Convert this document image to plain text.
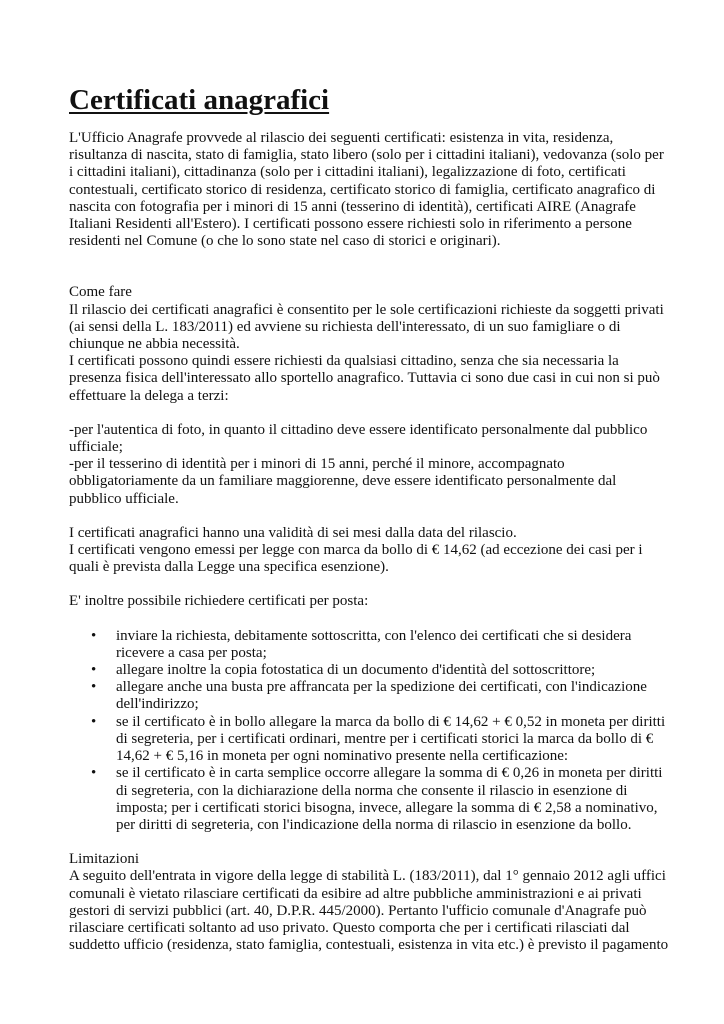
Certificati anagrafici

L'Ufficio Anagrafe provvede al rilascio dei seguenti certificati: esistenza in vita, residenza,
risultanza di nascita, stato di famiglia, stato libero (solo per i cittadini italiani), vedovanza (solo per
i cittadini italiani), cittadinanza (solo per i cittadini italiani), legalizzazione di foto, certificati
contestuali, certificato storico di residenza, certificato storico di famiglia, certificato anagrafico di
nascita con fotografia per i minori di 15 anni (tesserino di identità), certificati AIRE (Anagrafe
Italiani Residenti all'Estero). I certificati possono essere richiesti solo in riferimento a persone
residenti nel Comune (o che lo sono state nel caso di storici e originari).

Come fare
Il rilascio dei certificati anagrafici è consentito per le sole certificazioni richieste da soggetti privati
(ai sensi della L. 183/2011) ed avviene su richiesta dell'interessato, di un suo famigliare o di
chiunque ne abbia necessità.
I certificati possono quindi essere richiesti da qualsiasi cittadino, senza che sia necessaria la
presenza fisica dell'interessato allo sportello anagrafico. Tuttavia ci sono due casi in cui non si può
effettuare la delega a terzi:

-per l'autentica di foto, in quanto il cittadino deve essere identificato personalmente dal pubblico
ufficiale;
-per il tesserino di identità per i minori di 15 anni, perché il minore, accompagnato
obbligatoriamente da un familiare maggiorenne, deve essere identificato personalmente dal
pubblico ufficiale.

I certificati anagrafici hanno una validità di sei mesi dalla data del rilascio.
I certificati vengono emessi per legge con marca da bollo di € 14,62 (ad eccezione dei casi per i
quali è prevista dalla Legge una specifica esenzione).

E' inoltre possibile richiedere certificati per posta:

• inviare la richiesta, debitamente sottoscritta, con l'elenco dei certificati che si desidera
ricevere a casa per posta;
• allegare inoltre la copia fotostatica di un documento d'identità del sottoscrittore;
• allegare anche una busta pre affrancata per la spedizione dei certificati, con l'indicazione
dell'indirizzo;
• se il certificato è in bollo allegare la marca da bollo di € 14,62 + € 0,52 in moneta per diritti
di segreteria, per i certificati ordinari, mentre per i certificati storici la marca da bollo di €
14,62 + € 5,16 in moneta per ogni nominativo presente nella certificazione:
• se il certificato è in carta semplice occorre allegare la somma di € 0,26 in moneta per diritti
di segreteria, con la dichiarazione della norma che consente il rilascio in esenzione di
imposta; per i certificati storici bisogna, invece, allegare la somma di € 2,58 a nominativo,
per diritti di segreteria, con l'indicazione della norma di rilascio in esenzione da bollo.

Limitazioni
A seguito dell'entrata in vigore della legge di stabilità L. (183/2011), dal 1° gennaio 2012 agli uffici
comunali è vietato rilasciare certificati da esibire ad altre pubbliche amministrazioni e ai privati
gestori di servizi pubblici (art. 40, D.P.R. 445/2000). Pertanto l'ufficio comunale d'Anagrafe può
rilasciare certificati soltanto ad uso privato. Questo comporta che per i certificati rilasciati dal
suddetto ufficio (residenza, stato famiglia, contestuali, esistenza in vita etc.) è previsto il pagamento
